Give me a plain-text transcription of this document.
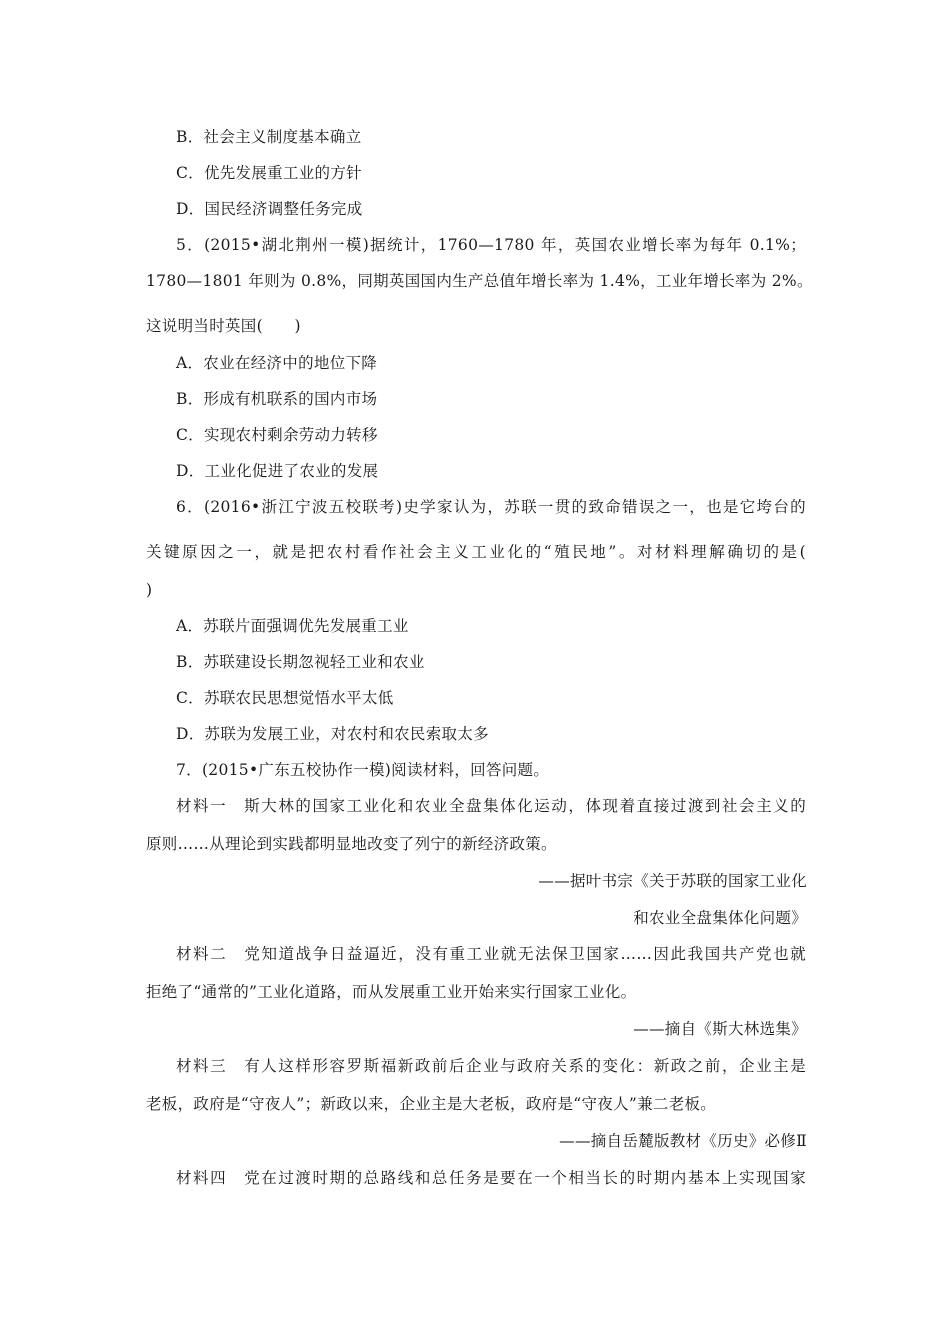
B．社会主义制度基本确立
C．优先发展重工业的方针
D．国民经济调整任务完成
5．(2015•湖北荆州一模)据统计，1760—1780 年，英国农业增长率为每年 0.1%；
1780—1801 年则为 0.8%，同期英国国内生产总值年增长率为 1.4%，工业年增长率为 2%。
这说明当时英国(　　)
A．农业在经济中的地位下降
B．形成有机联系的国内市场
C．实现农村剩余劳动力转移
D．工业化促进了农业的发展
6．(2016•浙江宁波五校联考)史学家认为，苏联一贯的致命错误之一，也是它垮台的
关键原因之一，就是把农村看作社会主义工业化的“殖民地”。对材料理解确切的是(
)
A．苏联片面强调优先发展重工业
B．苏联建设长期忽视轻工业和农业
C．苏联农民思想觉悟水平太低
D．苏联为发展工业，对农村和农民索取太多
7．(2015•广东五校协作一模)阅读材料，回答问题。
材料一　斯大林的国家工业化和农业全盘集体化运动，体现着直接过渡到社会主义的
原则……从理论到实践都明显地改变了列宁的新经济政策。
——据叶书宗《关于苏联的国家工业化
和农业全盘集体化问题》
材料二　党知道战争日益逼近，没有重工业就无法保卫国家……因此我国共产党也就
拒绝了“通常的”工业化道路，而从发展重工业开始来实行国家工业化。
——摘自《斯大林选集》
材料三　有人这样形容罗斯福新政前后企业与政府关系的变化：新政之前，企业主是
老板，政府是“守夜人”；新政以来，企业主是大老板，政府是“守夜人”兼二老板。
——摘自岳麓版教材《历史》必修Ⅱ
材料四　党在过渡时期的总路线和总任务是要在一个相当长的时期内基本上实现国家
